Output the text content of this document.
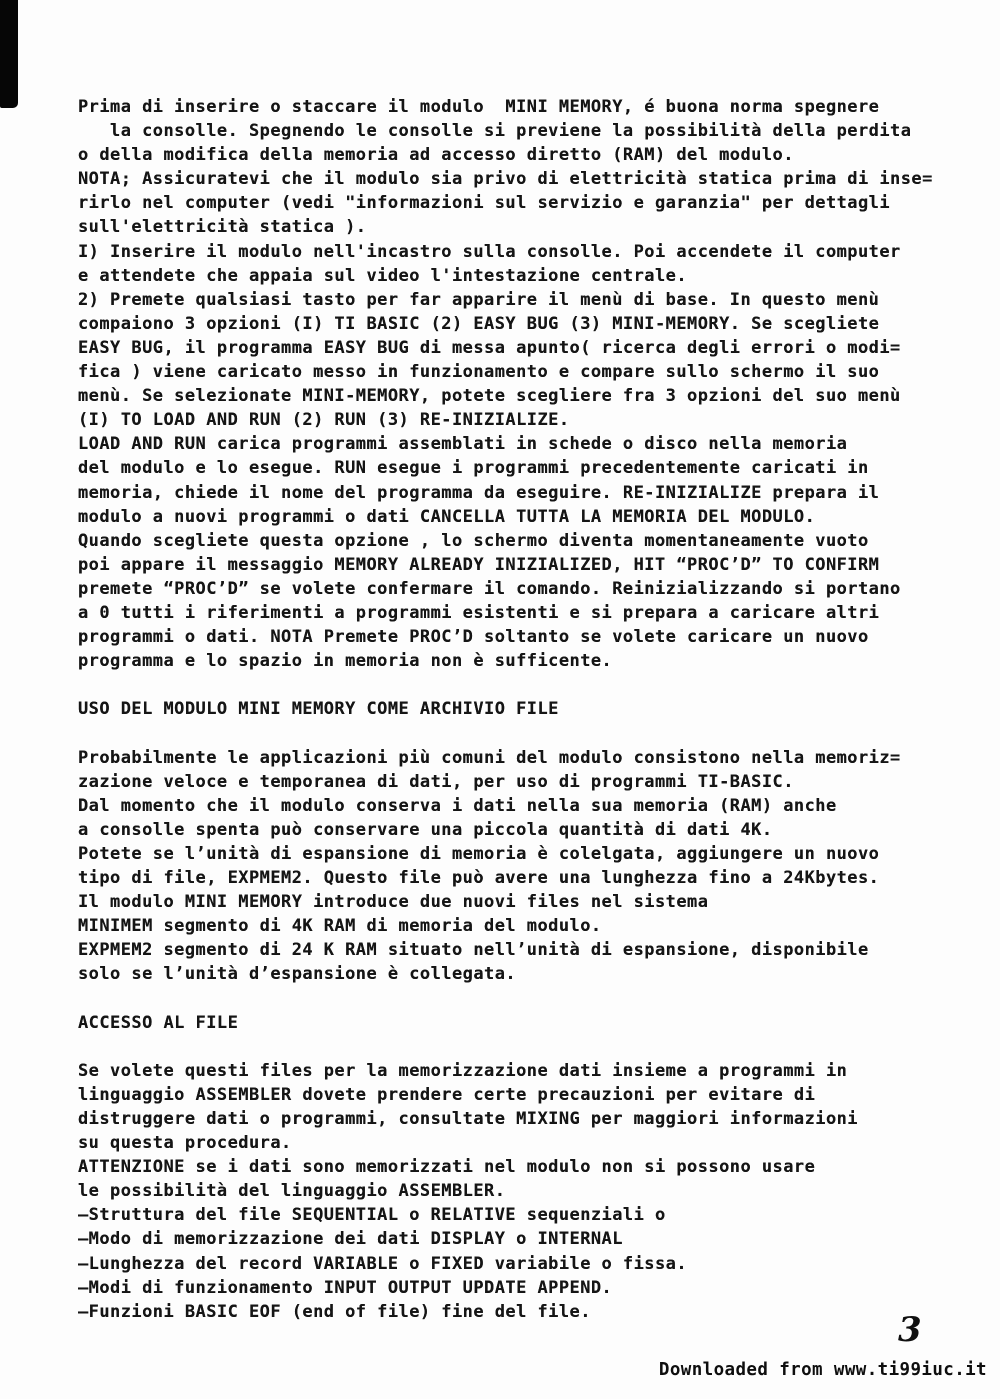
Prima di inserire o staccare il modulo  MINI MEMORY, é buona norma spegnere
la consolle. Spegnendo le consolle si previene la possibilità della perdita
o della modifica della memoria ad accesso diretto (RAM) del modulo.
NOTA; Assicuratevi che il modulo sia privo di elettricità statica prima di inse=
rirlo nel computer (vedi "informazioni sul servizio e garanzia" per dettagli
sull'elettricità statica ).
I) Inserire il modulo nell'incastro sulla consolle. Poi accendete il computer
e attendete che appaia sul video l'intestazione centrale.
2) Premete qualsiasi tasto per far apparire il menù di base. In questo menù
compaiono 3 opzioni (I) TI BASIC (2) EASY BUG (3) MINI-MEMORY. Se scegliete
EASY BUG, il programma EASY BUG di messa apunto( ricerca degli errori o modi=
fica ) viene caricato messo in funzionamento e compare sullo schermo il suo
menù. Se selezionate MINI-MEMORY, potete scegliere fra 3 opzioni del suo menù
(I) TO LOAD AND RUN (2) RUN (3) RE-INIZIALIZE.
LOAD AND RUN carica programmi assemblati in schede o disco nella memoria
del modulo e lo esegue. RUN esegue i programmi precedentemente caricati in
memoria, chiede il nome del programma da eseguire. RE-INIZIALIZE prepara il
modulo a nuovi programmi o dati CANCELLA TUTTA LA MEMORIA DEL MODULO.
Quando scegliete questa opzione , lo schermo diventa momentaneamente vuoto
poi appare il messaggio MEMORY ALREADY INIZIALIZED, HIT “PROC’D” TO CONFIRM
premete “PROC’D” se volete confermare il comando. Reinizializzando si portano
a 0 tutti i riferimenti a programmi esistenti e si prepara a caricare altri
programmi o dati. NOTA Premete PROC’D soltanto se volete caricare un nuovo
programma e lo spazio in memoria non è sufficente.
USO DEL MODULO MINI MEMORY COME ARCHIVIO FILE
Probabilmente le applicazioni più comuni del modulo consistono nella memoriz=
zazione veloce e temporanea di dati, per uso di programmi TI-BASIC.
Dal momento che il modulo conserva i dati nella sua memoria (RAM) anche
a consolle spenta può conservare una piccola quantità di dati 4K.
Potete se l’unità di espansione di memoria è colelgata, aggiungere un nuovo
tipo di file, EXPMEM2. Questo file può avere una lunghezza fino a 24Kbytes.
Il modulo MINI MEMORY introduce due nuovi files nel sistema
MINIMEM segmento di 4K RAM di memoria del modulo.
EXPMEM2 segmento di 24 K RAM situato nell’unità di espansione, disponibile
solo se l’unità d’espansione è collegata.
ACCESSO AL FILE
Se volete questi files per la memorizzazione dati insieme a programmi in
linguaggio ASSEMBLER dovete prendere certe precauzioni per evitare di
distruggere dati o programmi, consultate MIXING per maggiori informazioni
su questa procedura.
ATTENZIONE se i dati sono memorizzati nel modulo non si possono usare
le possibilità del linguaggio ASSEMBLER.
—Struttura del file SEQUENTIAL o RELATIVE sequenziali o
—Modo di memorizzazione dei dati DISPLAY o INTERNAL
—Lunghezza del record VARIABLE o FIXED variabile o fissa.
—Modi di funzionamento INPUT OUTPUT UPDATE APPEND.
—Funzioni BASIC EOF (end of file) fine del file.	3
Downloaded from www.ti99iuc.it
